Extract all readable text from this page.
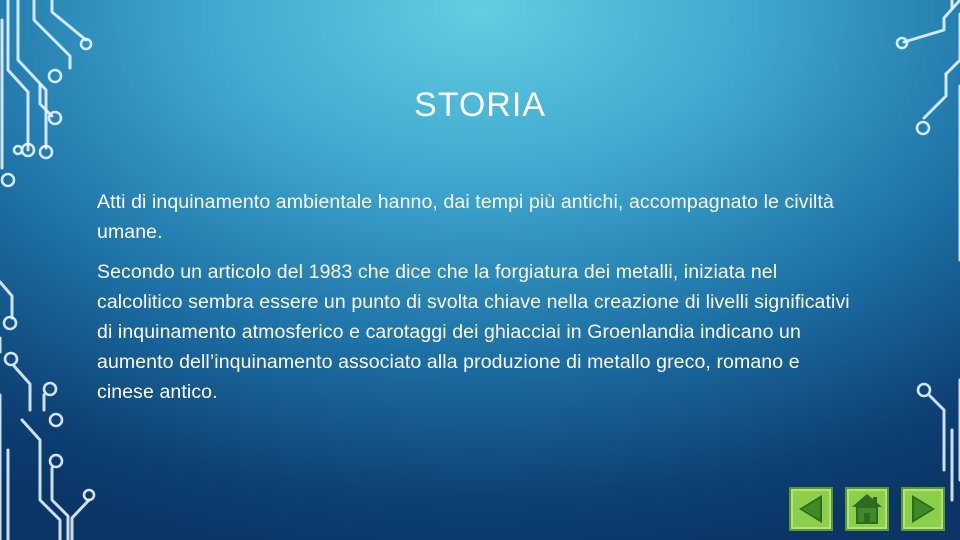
STORIA

Atti di inquinamento ambientale hanno, dai tempi più antichi, accompagnato le civiltà umane.

Secondo un articolo del 1983 che dice che la forgiatura dei metalli, iniziata nel calcolitico sembra essere un punto di svolta chiave nella creazione di livelli significativi di inquinamento atmosferico e carotaggi dei ghiacciai in Groenlandia indicano un aumento dell’inquinamento associato alla produzione di metallo greco, romano e cinese antico.
